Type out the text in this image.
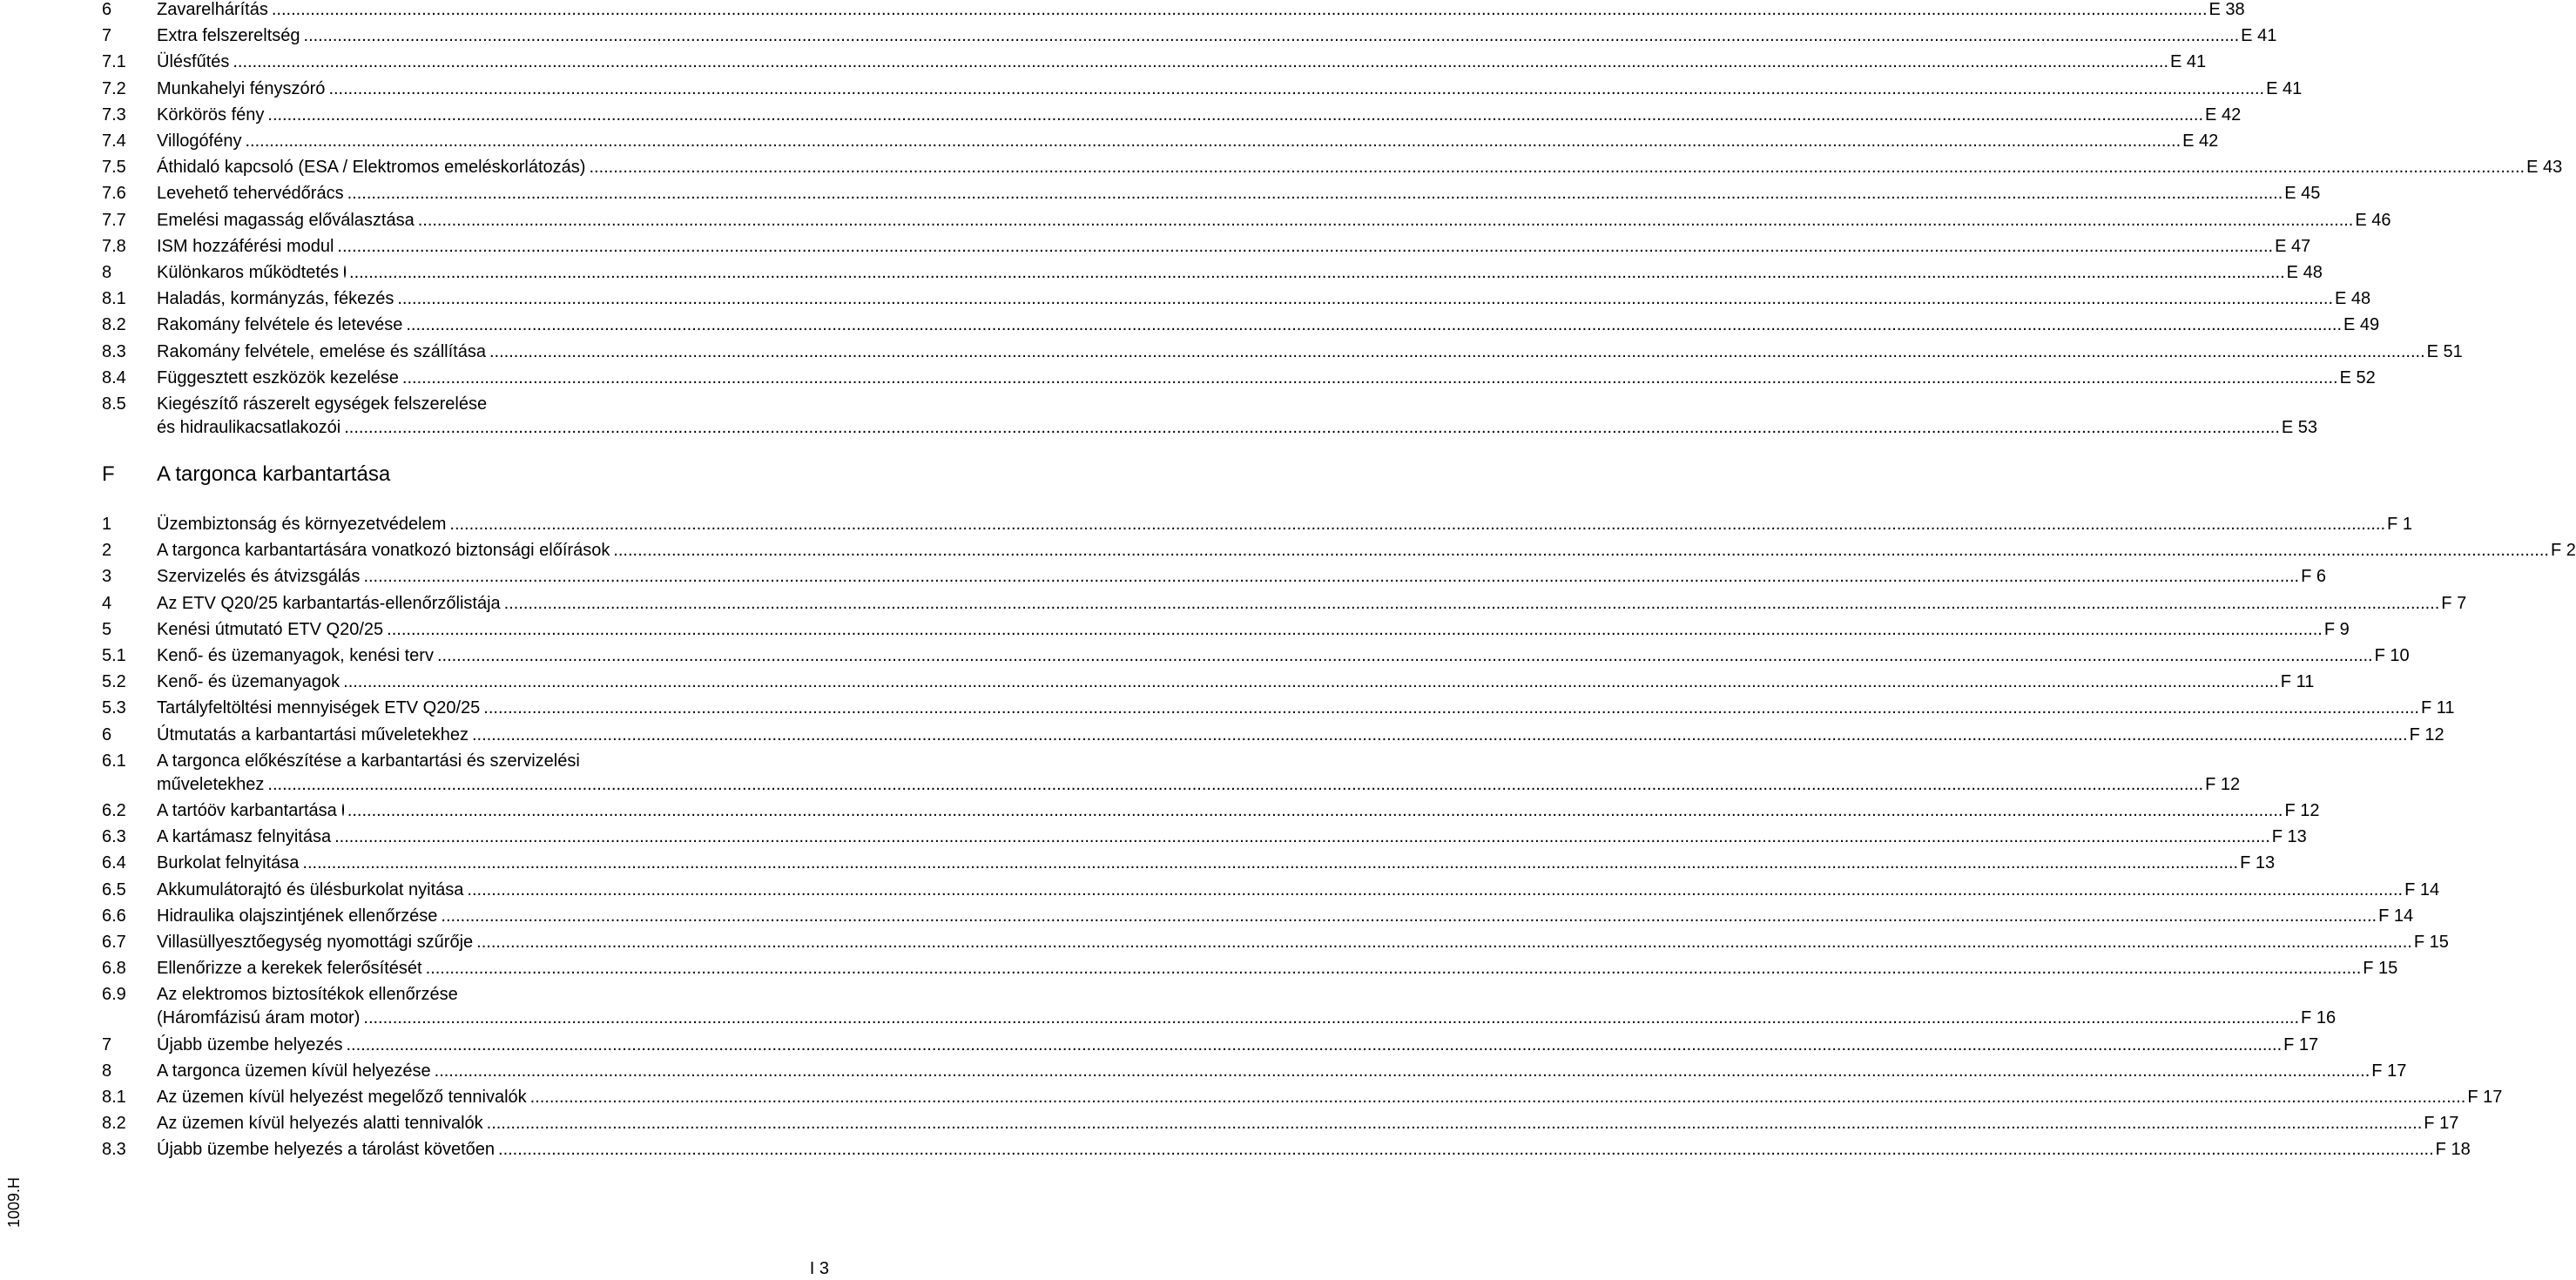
6	Zavarelhárítás ................................................................................................................................................................................................................................................................................................................................................................................................................ E 38
7	Extra felszereltség ................................................................................................................................................................................................................................................................................................................................................................................................................ E 41
7.1 Ülésfűtés ................................................................................................................................................................................................................................................................................................................................................................................................................ E 41
7.2 Munkahelyi fényszóró ................................................................................................................................................................................................................................................................................................................................................................................................................ E 41
7.3 Körkörös fény ................................................................................................................................................................................................................................................................................................................................................................................................................ E 42
7.4 Villogófény ................................................................................................................................................................................................................................................................................................................................................................................................................ E 42
7.5 Áthidaló kapcsoló (ESA / Elektromos emeléskorlátozás) ................................................................................................................................................................................................................................................................................................................................................................................................................ E 43
7.6 Levehető tehervédőrács ................................................................................................................................................................................................................................................................................................................................................................................................................ E 45
7.7 Emelési magasság előválasztása ................................................................................................................................................................................................................................................................................................................................................................................................................ E 46
7.8 ISM hozzáférési modul ................................................................................................................................................................................................................................................................................................................................................................................................................ E 47
8	Különkaros működtetés ................................................................................................................................................................................................................................................................................................................................................................................................................ E 48
8.1 Haladás, kormányzás, fékezés ................................................................................................................................................................................................................................................................................................................................................................................................................ E 48
8.2 Rakomány felvétele és letevése ................................................................................................................................................................................................................................................................................................................................................................................................................ E 49
8.3 Rakomány felvétele, emelése és szállítása ................................................................................................................................................................................................................................................................................................................................................................................................................ E 51
8.4 Függesztett eszközök kezelése ................................................................................................................................................................................................................................................................................................................................................................................................................ E 52
8.5 Kiegészítő rászerelt egységek felszerelése
és hidraulikacsatlakozói ................................................................................................................................................................................................................................................................................................................................................................................................................ E 53
F A targonca karbantartása
1	Üzembiztonság és környezetvédelem ................................................................................................................................................................................................................................................................................................................................................................................................................ F 1
2	A targonca karbantartására vonatkozó biztonsági előírások ................................................................................................................................................................................................................................................................................................................................................................................................................ F 2
3	Szervizelés és átvizsgálás ................................................................................................................................................................................................................................................................................................................................................................................................................ F 6
4	Az ETV Q20/25 karbantartás-ellenőrzőlistája ................................................................................................................................................................................................................................................................................................................................................................................................................ F 7
5	Kenési útmutató ETV Q20/25 ................................................................................................................................................................................................................................................................................................................................................................................................................ F 9
5.1 Kenő- és üzemanyagok, kenési terv ................................................................................................................................................................................................................................................................................................................................................................................................................ F 10
5.2 Kenő- és üzemanyagok ................................................................................................................................................................................................................................................................................................................................................................................................................ F 11
5.3 Tartályfeltöltési mennyiségek ETV Q20/25 ................................................................................................................................................................................................................................................................................................................................................................................................................ F 11
6	Útmutatás a karbantartási műveletekhez ................................................................................................................................................................................................................................................................................................................................................................................................................ F 12
6.1 A targonca előkészítése a karbantartási és szervizelési
műveletekhez ................................................................................................................................................................................................................................................................................................................................................................................................................ F 12
6.2 A tartóöv karbantartása ................................................................................................................................................................................................................................................................................................................................................................................................................ F 12
6.3 A kartámasz felnyitása ................................................................................................................................................................................................................................................................................................................................................................................................................ F 13
6.4 Burkolat felnyitása ................................................................................................................................................................................................................................................................................................................................................................................................................ F 13
6.5 Akkumulátorajtó és ülésburkolat nyitása ................................................................................................................................................................................................................................................................................................................................................................................................................ F 14
6.6 Hidraulika olajszintjének ellenőrzése ................................................................................................................................................................................................................................................................................................................................................................................................................ F 14
6.7 Villasüllyesztőegység nyomottági szűrője ................................................................................................................................................................................................................................................................................................................................................................................................................ F 15
6.8 Ellenőrizze a kerekek felerősítését ................................................................................................................................................................................................................................................................................................................................................................................................................ F 15
6.9 Az elektromos biztosítékok ellenőrzése
(Háromfázisú áram motor) ................................................................................................................................................................................................................................................................................................................................................................................................................ F 16
7	Újabb üzembe helyezés ................................................................................................................................................................................................................................................................................................................................................................................................................ F 17
8	A targonca üzemen kívül helyezése ................................................................................................................................................................................................................................................................................................................................................................................................................ F 17
8.1 Az üzemen kívül helyezést megelőző tennivalók ................................................................................................................................................................................................................................................................................................................................................................................................................ F 17
8.2 Az üzemen kívül helyezés alatti tennivalók ................................................................................................................................................................................................................................................................................................................................................................................................................ F 17
8.3 Újabb üzembe helyezés a tárolást követően ................................................................................................................................................................................................................................................................................................................................................................................................................ F 18
1009.H
I 3
